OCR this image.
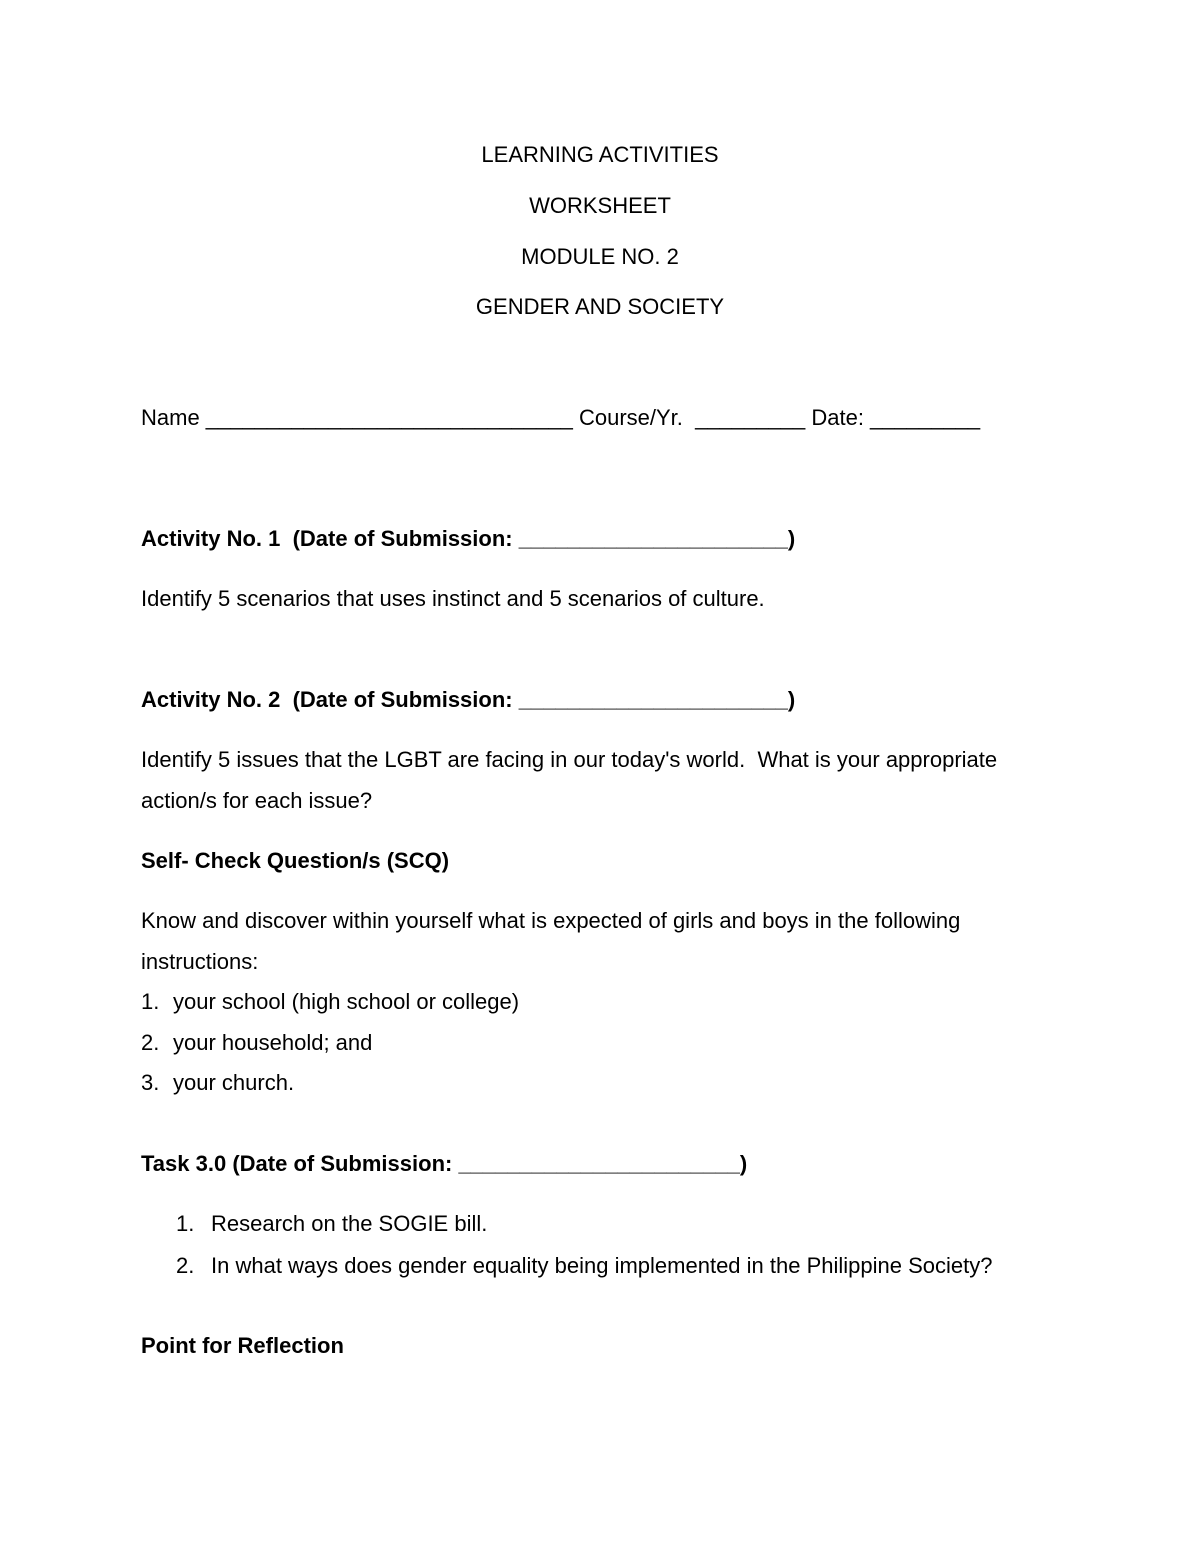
LEARNING ACTIVITIES
WORKSHEET
MODULE NO. 2
GENDER AND SOCIETY
Name ______________________________ Course/Yr.  _________ Date: _________
Activity No. 1  (Date of Submission: ______________________)
Identify 5 scenarios that uses instinct and 5 scenarios of culture.
Activity No. 2  (Date of Submission: ______________________)
Identify 5 issues that the LGBT are facing in our today's world.  What is your appropriate
action/s for each issue?
Self- Check Question/s (SCQ)
Know and discover within yourself what is expected of girls and boys in the following
instructions:
1. your school (high school or college)
2. your household; and
3. your church.
Task 3.0 (Date of Submission: _______________________)
1. Research on the SOGIE bill.
2. In what ways does gender equality being implemented in the Philippine Society?
Point for Reflection
